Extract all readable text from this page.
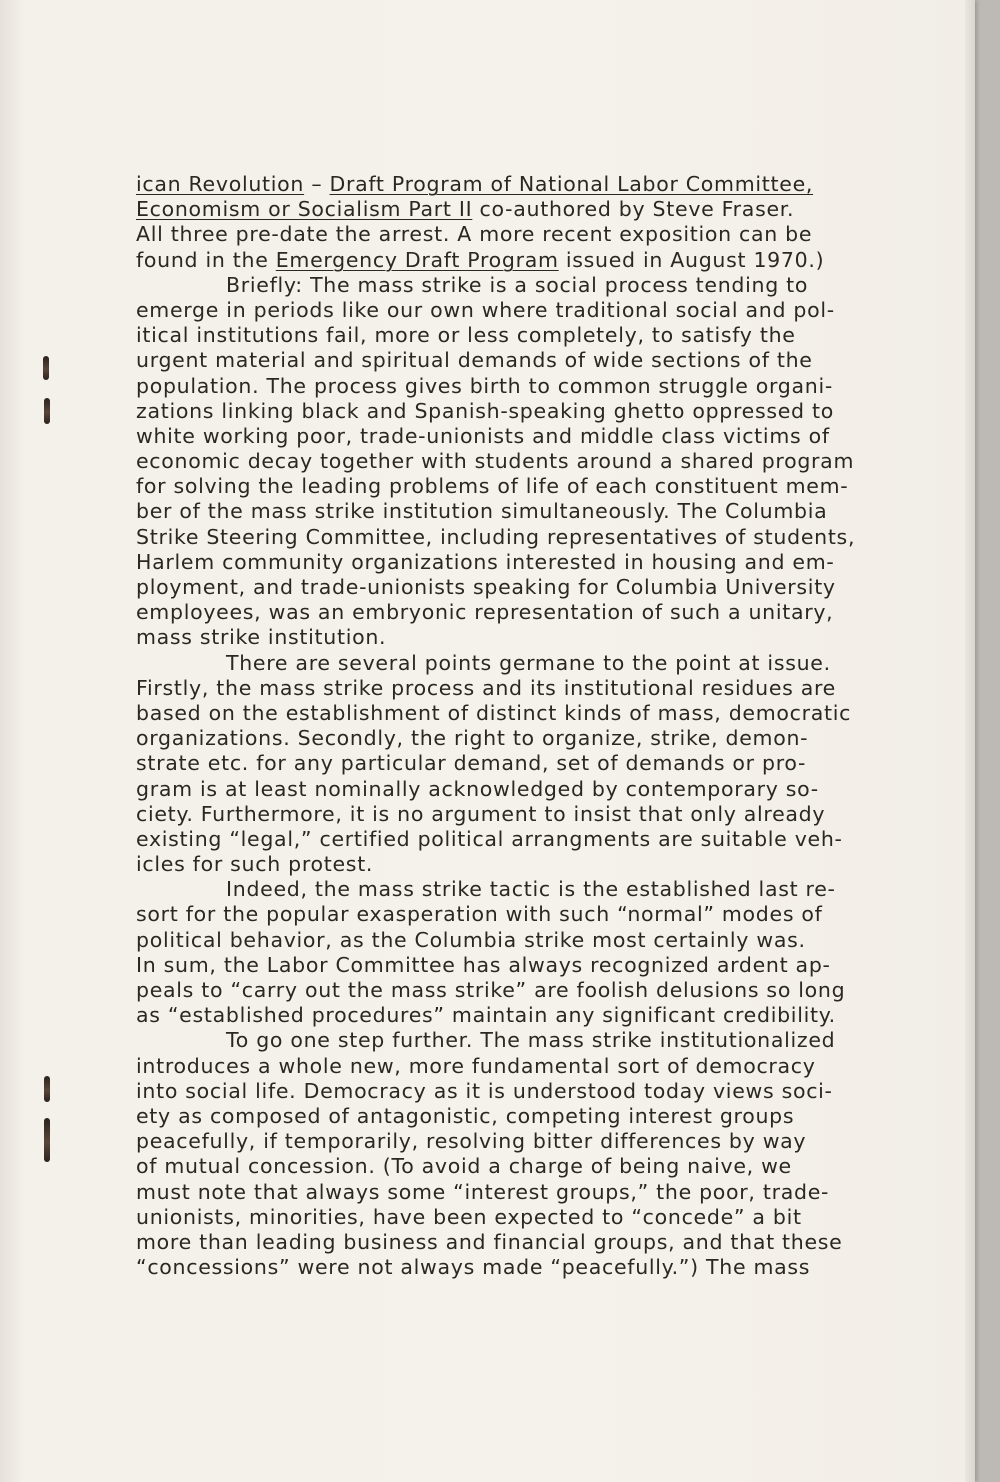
ican Revolution – Draft Program of National Labor Committee,
Economism or Socialism Part II co-authored by Steve Fraser.
All three pre-date the arrest. A more recent exposition can be
found in the Emergency Draft Program issued in August 1970.)
Briefly: The mass strike is a social process tending to
emerge in periods like our own where traditional social and pol-
itical institutions fail, more or less completely, to satisfy the
urgent material and spiritual demands of wide sections of the
population. The process gives birth to common struggle organi-
zations linking black and Spanish-speaking ghetto oppressed to
white working poor, trade-unionists and middle class victims of
economic decay together with students around a shared program
for solving the leading problems of life of each constituent mem-
ber of the mass strike institution simultaneously. The Columbia
Strike Steering Committee, including representatives of students,
Harlem community organizations interested in housing and em-
ployment, and trade-unionists speaking for Columbia University
employees, was an embryonic representation of such a unitary,
mass strike institution.
There are several points germane to the point at issue.
Firstly, the mass strike process and its institutional residues are
based on the establishment of distinct kinds of mass, democratic
organizations. Secondly, the right to organize, strike, demon-
strate etc. for any particular demand, set of demands or pro-
gram is at least nominally acknowledged by contemporary so-
ciety. Furthermore, it is no argument to insist that only already
existing “legal,” certified political arrangments are suitable veh-
icles for such protest.
Indeed, the mass strike tactic is the established last re-
sort for the popular exasperation with such “normal” modes of
political behavior, as the Columbia strike most certainly was.
In sum, the Labor Committee has always recognized ardent ap-
peals to “carry out the mass strike” are foolish delusions so long
as “established procedures” maintain any significant credibility.
To go one step further. The mass strike institutionalized
introduces a whole new, more fundamental sort of democracy
into social life. Democracy as it is understood today views soci-
ety as composed of antagonistic, competing interest groups
peacefully, if temporarily, resolving bitter differences by way
of mutual concession. (To avoid a charge of being naive, we
must note that always some “interest groups,” the poor, trade-
unionists, minorities, have been expected to “concede” a bit
more than leading business and financial groups, and that these
“concessions” were not always made “peacefully.”) The mass
